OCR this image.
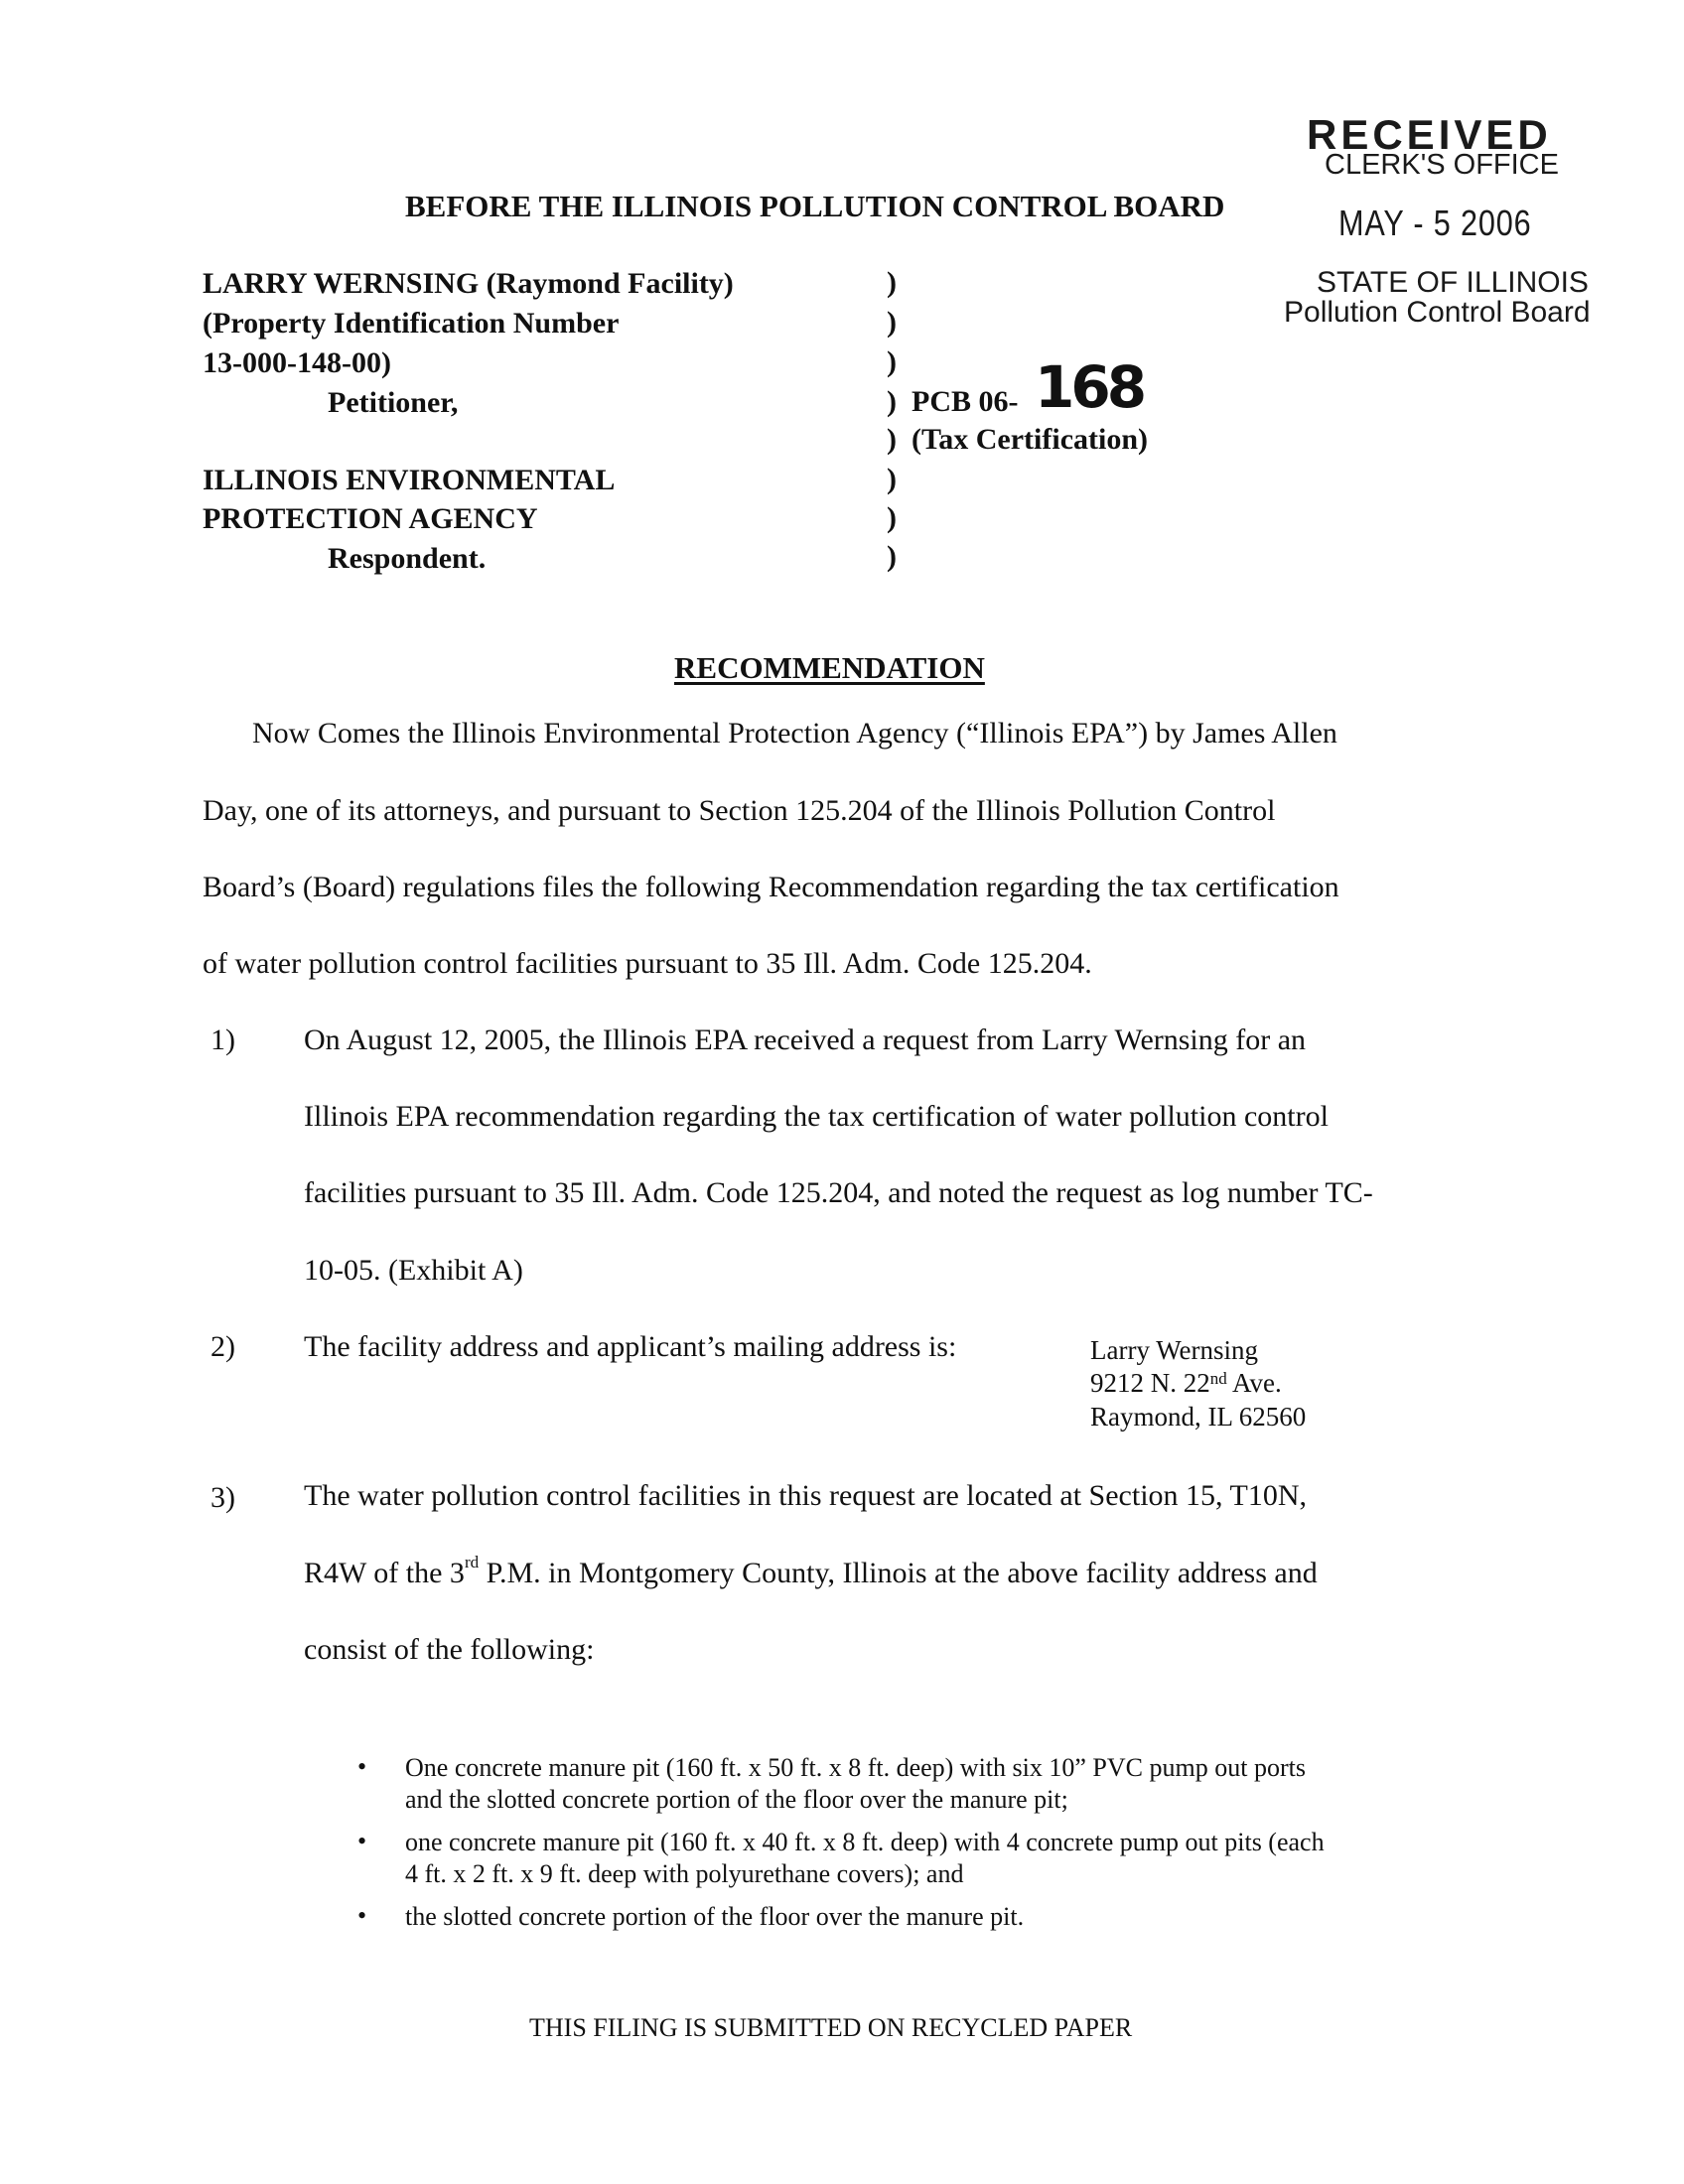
RECEIVED
CLERK'S OFFICE
MAY - 5 2006
STATE OF ILLINOIS
Pollution Control Board
BEFORE THE ILLINOIS POLLUTION CONTROL BOARD
LARRY WERNSING (Raymond Facility)
(Property Identification Number
13-000-148-00)
Petitioner,
ILLINOIS ENVIRONMENTAL
PROTECTION AGENCY
Respondent.
)
)
)
)
)
)
)
)
PCB 06- 168
(Tax Certification)
RECOMMENDATION
Now Comes the Illinois Environmental Protection Agency (“Illinois EPA”) by James Allen
Day, one of its attorneys, and pursuant to Section 125.204 of the Illinois Pollution Control
Board’s (Board) regulations files the following Recommendation regarding the tax certification
of water pollution control facilities pursuant to 35 Ill. Adm. Code 125.204.
1) On August 12, 2005, the Illinois EPA received a request from Larry Wernsing for an
Illinois EPA recommendation regarding the tax certification of water pollution control
facilities pursuant to 35 Ill. Adm. Code 125.204, and noted the request as log number TC-
10-05. (Exhibit A)
2) The facility address and applicant’s mailing address is:	Larry Wernsing
9212 N. 22nd Ave.
Raymond, IL 62560
3) The water pollution control facilities in this request are located at Section 15, T10N,
R4W of the 3rd P.M. in Montgomery County, Illinois at the above facility address and
consist of the following:
• One concrete manure pit (160 ft. x 50 ft. x 8 ft. deep) with six 10” PVC pump out ports
and the slotted concrete portion of the floor over the manure pit;
• one concrete manure pit (160 ft. x 40 ft. x 8 ft. deep) with 4 concrete pump out pits (each
4 ft. x 2 ft. x 9 ft. deep with polyurethane covers); and
• the slotted concrete portion of the floor over the manure pit.
THIS FILING IS SUBMITTED ON RECYCLED PAPER
